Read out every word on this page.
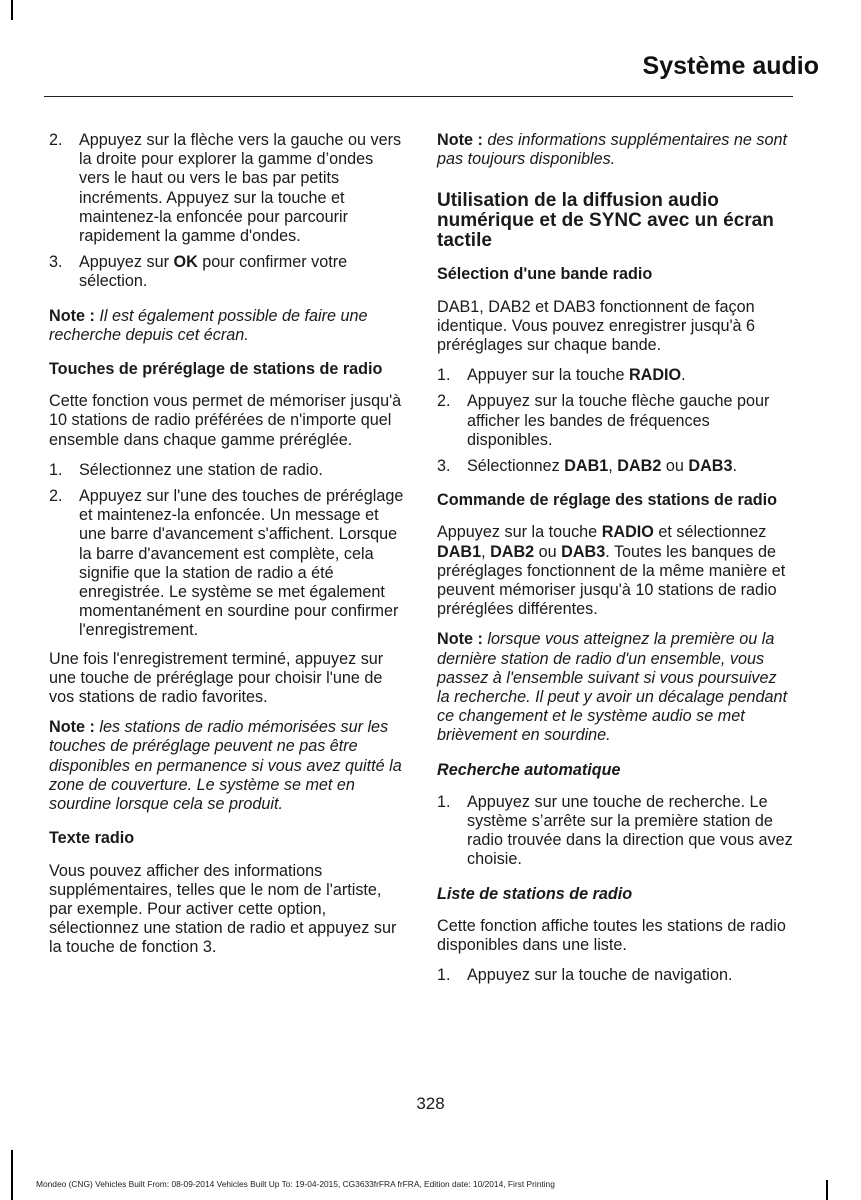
Système audio
2. Appuyez sur la flèche vers la gauche ou vers la droite pour explorer la gamme d’ondes vers le haut ou vers le bas par petits incréments. Appuyez sur la touche et maintenez-la enfoncée pour parcourir rapidement la gamme d'ondes.
3. Appuyez sur OK pour confirmer votre sélection.

Note : Il est également possible de faire une recherche depuis cet écran.

Touches de préréglage de stations de radio

Cette fonction vous permet de mémoriser jusqu'à 10 stations de radio préférées de n'importe quel ensemble dans chaque gamme préréglée.

1. Sélectionnez une station de radio.
2. Appuyez sur l'une des touches de préréglage et maintenez-la enfoncée. Un message et une barre d'avancement s'affichent. Lorsque la barre d'avancement est complète, cela signifie que la station de radio a été enregistrée. Le système se met également momentanément en sourdine pour confirmer l'enregistrement.

Une fois l'enregistrement terminé, appuyez sur une touche de préréglage pour choisir l'une de vos stations de radio favorites.

Note : les stations de radio mémorisées sur les touches de préréglage peuvent ne pas être disponibles en permanence si vous avez quitté la zone de couverture. Le système se met en sourdine lorsque cela se produit.

Texte radio

Vous pouvez afficher des informations supplémentaires, telles que le nom de l'artiste, par exemple. Pour activer cette option, sélectionnez une station de radio et appuyez sur la touche de fonction 3.

Note : des informations supplémentaires ne sont pas toujours disponibles.

Utilisation de la diffusion audio numérique et de SYNC avec un écran tactile
Sélection d'une bande radio

DAB1, DAB2 et DAB3 fonctionnent de façon identique. Vous pouvez enregistrer jusqu'à 6 préréglages sur chaque bande.

1. Appuyer sur la touche RADIO.
2. Appuyez sur la touche flèche gauche pour afficher les bandes de fréquences disponibles.
3. Sélectionnez DAB1, DAB2 ou DAB3.
Commande de réglage des stations de radio

Appuyez sur la touche RADIO et sélectionnez DAB1, DAB2 ou DAB3. Toutes les banques de préréglages fonctionnent de la même manière et peuvent mémoriser jusqu'à 10 stations de radio préréglées différentes.

Note : lorsque vous atteignez la première ou la dernière station de radio d'un ensemble, vous passez à l'ensemble suivant si vous poursuivez la recherche. Il peut y avoir un décalage pendant ce changement et le système audio se met brièvement en sourdine.

Recherche automatique
1. Appuyez sur une touche de recherche. Le système s’arrête sur la première station de radio trouvée dans la direction que vous avez choisie.
Liste de stations de radio

Cette fonction affiche toutes les stations de radio disponibles dans une liste.

1. Appuyez sur la touche de navigation.
328
Mondeo (CNG) Vehicles Built From: 08-09-2014 Vehicles Built Up To: 19-04-2015, CG3633frFRA frFRA, Edition date: 10/2014, First Printing
